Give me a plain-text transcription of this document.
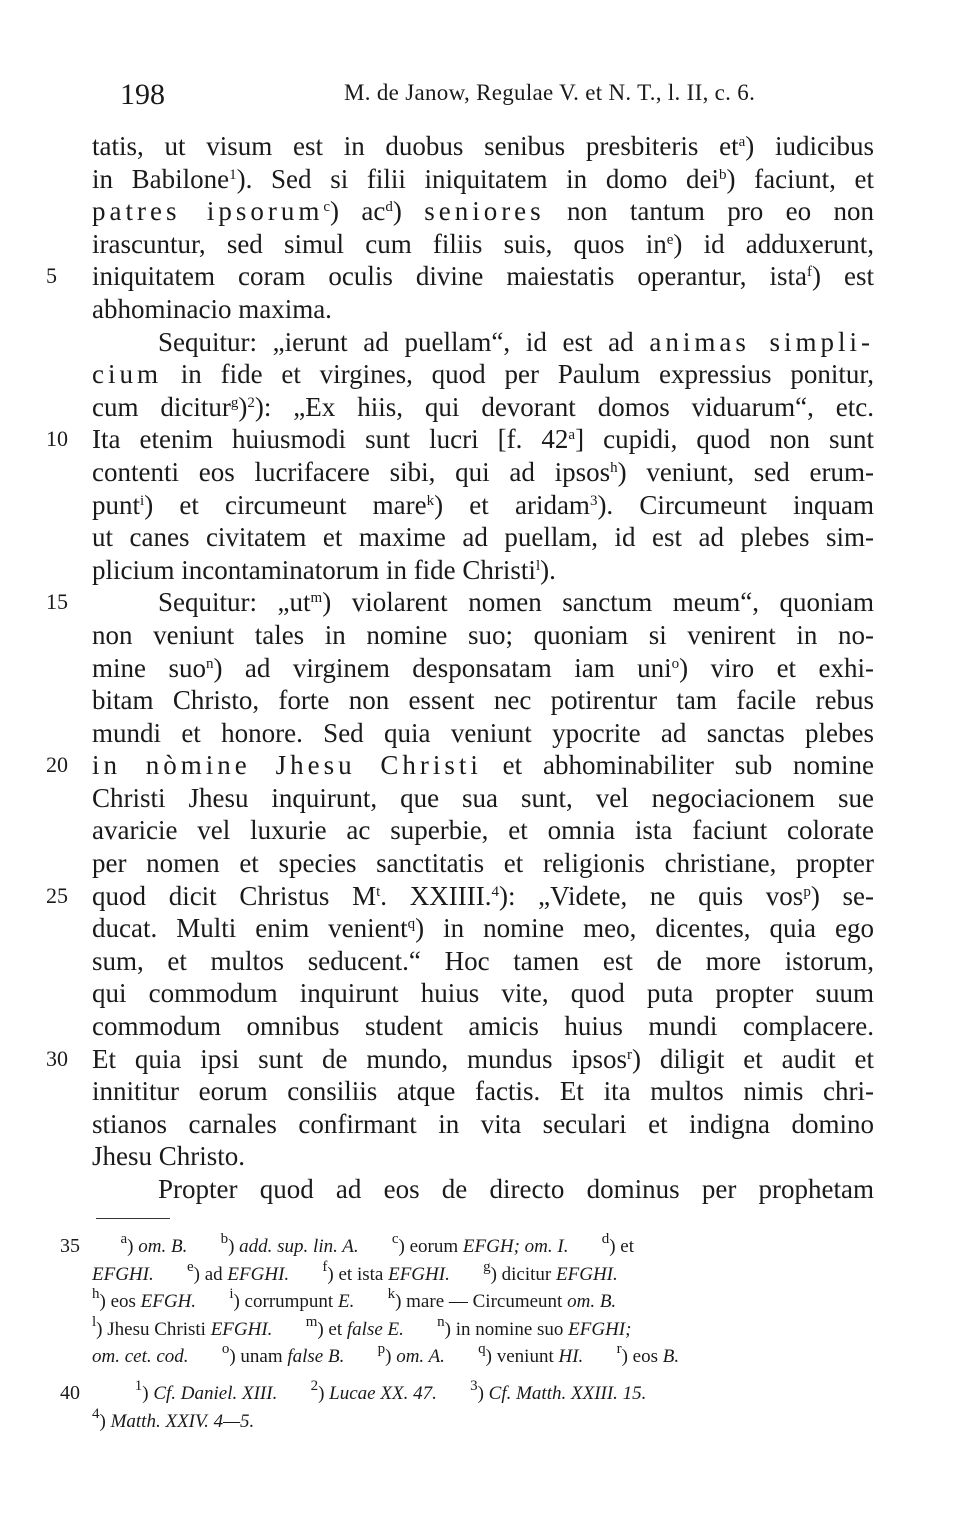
198	M. de Janow, Regulae V. et N. T., l. II, c. 6.
tatis, ut visum est in duobus senibus presbiteris $et^a$) iudicibus
in Babilone$^1$). Sed si filii iniquitatem in domo dei$^b$) faciunt, et
patres ipsorum$^c$) $ac^d$) seniores non tantum pro eo non
irascuntur, sed simul cum filiis suis, quos $in^e$) id adduxerunt,
5	iniquitatem coram oculis divine maiestatis operantur, ista$^f$) est
abhominacio maxima.
Sequitur: „ierunt ad puellam“, id est ad animas simpli-
cium in fide et virgines, quod per Paulum expressius ponitur,
cum dicitur$^g$)$^2$): „Ex hiis, qui devorant domos viduarum“, etc.
10 Ita etenim huiusmodi sunt lucri [f. 42$^a$] cupidi, quod non sunt
contenti eos lucrifacere sibi, qui ad ipsos$^h$) veniunt, sed erum-
punt$^i$) et circumeunt mare$^k$) et aridam$^3$). Circumeunt inquam
ut canes civitatem et maxime ad puellam, id est ad plebes sim-
plicium incontaminatorum in fide Christi$^l$).
15	Sequitur: $„ut^m$) violarent nomen sanctum meum“, quoniam
non veniunt tales in nomine suo; quoniam si venirent in no-
mine suo$^n$) ad virginem desponsatam iam uni$^o$) viro et exhi-
bitam Christo, forte non essent nec potirentur tam facile rebus
mundi et honore. Sed quia veniunt ypocrite ad sanctas plebes
20 in nòmine Jhesu Christi et abhominabiliter sub nomine
Christi Jhesu inquirunt, que sua sunt, vel negociacionem sue
avaricie vel luxurie ac superbie, et omnia ista faciunt colorate
per nomen et species sanctitatis et religionis christiane, propter
25 quod dicit Christus $M^t$. XXIIII.$^4$): „Videte, ne quis vos$^p$) se-
ducat. Multi enim venient$^q$) in nomine meo, dicentes, quia ego
sum, et multos seducent.“ Hoc tamen est de more istorum,
qui commodum inquirunt huius vite, quod puta propter suum
commodum omnibus student amicis huius mundi complacere.
30 Et quia ipsi sunt de mundo, mundus ipsos$^r$) diligit et audit et
innititur eorum consiliis atque factis. Et ita multos nimis chri-
stianos carnales confirmant in vita seculari et indigna domino
Jhesu Christo.
Propter quod ad eos de directo dominus per prophetam
35	$^a$) om. B. $^b$) add. sup. lin. A. $^c$) eorum EFGH; om. I. $^d$) et
EFGHI. $^e$) ad EFGHI. $^f$) et ista EFGHI. $^g$) dicitur EFGHI.
$^h$) eos EFGH. $^i$) corrumpunt E. $^k$) mare — Circumeunt om. B.
$^l$) Jhesu Christi EFGHI. $^m$) et false E. $^n$) in nomine suo EFGHI;
om. cet. cod. $^o$) unam false B. $^p$) om. A. $^q$) veniunt HI. $^r$) eos B.
40	$^1$) Cf. Daniel. XIII. $^2$) Lucae XX. 47. $^3$) Cf. Matth. XXIII. 15.
$^4$) Matth. XXIV. 4—5.
